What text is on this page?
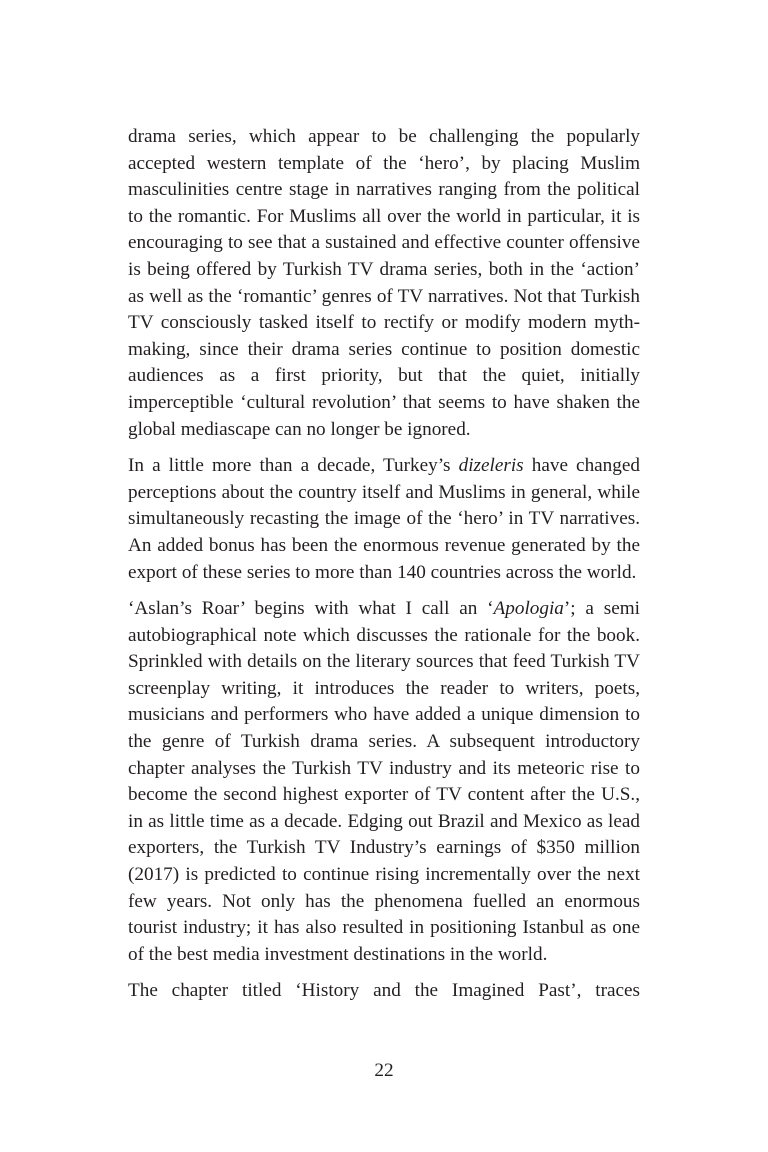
drama series, which appear to be challenging the popularly accepted western template of the ‘hero’, by placing Muslim masculinities centre stage in narratives ranging from the political to the romantic. For Muslims all over the world in particular, it is encouraging to see that a sustained and effective counter offensive is being offered by Turkish TV drama series, both in the ‘action’ as well as the ‘romantic’ genres of TV narratives. Not that Turkish TV consciously tasked itself to rectify or modify modern myth-making, since their drama series continue to position domestic audiences as a first priority, but that the quiet, initially imperceptible ‘cultural revolution’ that seems to have shaken the global mediascape can no longer be ignored.

In a little more than a decade, Turkey’s dizeleris have changed perceptions about the country itself and Muslims in general, while simultaneously recasting the image of the ‘hero’ in TV narratives. An added bonus has been the enormous revenue generated by the export of these series to more than 140 countries across the world.

‘Aslan’s Roar’ begins with what I call an ‘Apologia’; a semi autobiographical note which discusses the rationale for the book. Sprinkled with details on the literary sources that feed Turkish TV screenplay writing, it introduces the reader to writers, poets, musicians and performers who have added a unique dimension to the genre of Turkish drama series. A subsequent introductory chapter analyses the Turkish TV industry and its meteoric rise to become the second highest exporter of TV content after the U.S., in as little time as a decade. Edging out Brazil and Mexico as lead exporters, the Turkish TV Industry’s earnings of $350 million (2017) is predicted to continue rising incrementally over the next few years. Not only has the phenomena fuelled an enormous tourist industry; it has also resulted in positioning Istanbul as one of the best media investment destinations in the world.

The chapter titled ‘History and the Imagined Past’, traces

22
